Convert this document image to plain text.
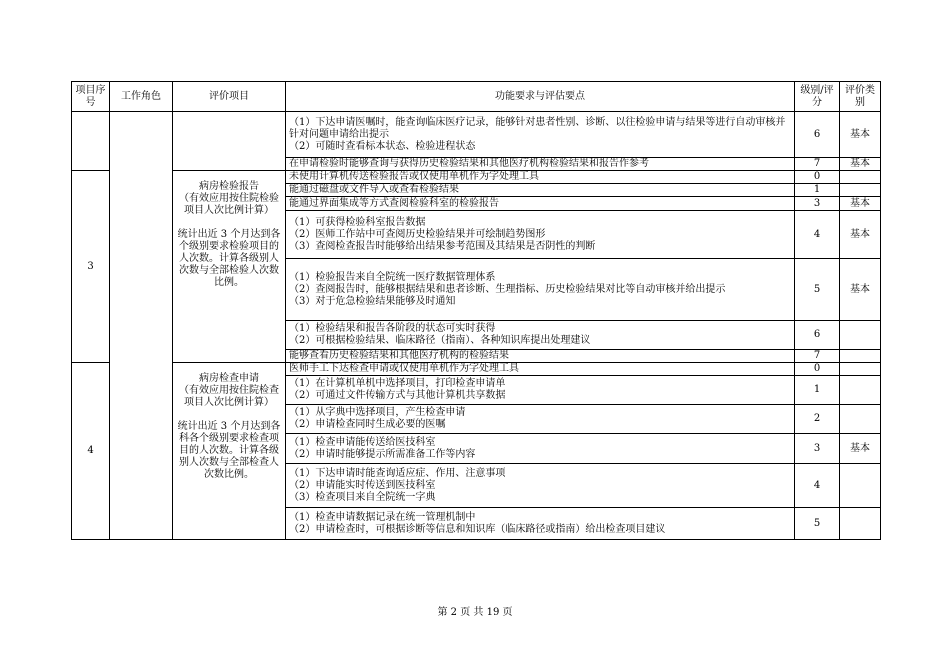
项目序号	工作角色	评价项目	功能要求与评估要点	级别/评分	评价类别

			（1）下达申请医嘱时，能查询临床医疗记录，能够针对患者性别、诊断、以往检验申请与结果等进行自动审核并针对问题申请给出提示
（2）可随时查看标本状态、检验进程状态	6	基本

			在申请检验时能够查询与获得历史检验结果和其他医疗机构检验结果和报告作参考	7	基本
3		病房检验报告
（有效应用按住院检验项目人次比例计算）
统计出近 3 个月达到各个级别要求检验项目的人次数。计算各级别人次数与全部检验人次数比例。	未使用计算机传送检验报告或仅使用单机作为字处理工具	0	

			能通过磁盘或文件导入或查看检验结果	1	

			能通过界面集成等方式查阅检验科室的检验报告	3	基本

			（1）可获得检验科室报告数据
（2）医师工作站中可查阅历史检验结果并可绘制趋势图形
（3）查阅检查报告时能够给出结果参考范围及其结果是否阴性的判断	4	基本

			（1）检验报告来自全院统一医疗数据管理体系
（2）查阅报告时，能够根据结果和患者诊断、生理指标、历史检验结果对比等自动审核并给出提示
（3）对于危急检验结果能够及时通知	5	基本

			（1）检验结果和报告各阶段的状态可实时获得
（2）可根据检验结果、临床路径（指南）、各种知识库提出处理建议	6	

			能够查看历史检验结果和其他医疗机构的检验结果	7	
4		病房检查申请
（有效应用按住院检查项目人次比例计算）
统计出近 3 个月达到各科各个级别要求检查项目的人次数。计算各级别人次数与全部检查人次数比例。	医师手工下达检查申请或仅使用单机作为字处理工具	0	

			（1）在计算机单机中选择项目，打印检查申请单
（2）可通过文件传输方式与其他计算机共享数据	1	

			（1）从字典中选择项目，产生检查申请
（2）申请检查同时生成必要的医嘱	2	

			（1）检查申请能传送给医技科室
（2）申请时能够提示所需准备工作等内容	3	基本

			（1）下达申请时能查询适应症、作用、注意事项
（2）申请能实时传送到医技科室
（3）检查项目来自全院统一字典	4	

			（1）检查申请数据记录在统一管理机制中
（2）申请检查时，可根据诊断等信息和知识库（临床路径或指南）给出检查项目建议	5	
第 2 页 共 19 页
